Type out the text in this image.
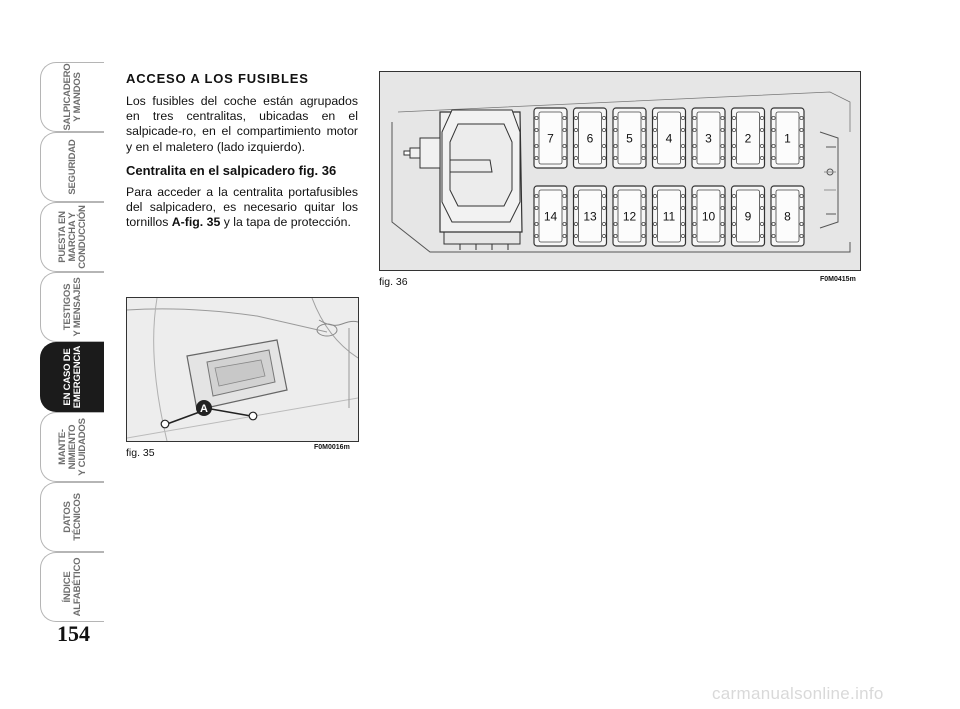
SALPICADERO
Y MANDOS
SEGURIDAD
PUESTA EN
MARCHA Y
CONDUCCIÓN
TESTIGOS
Y MENSAJES
EN CASO DE
EMERGENCIA
MANTE-
NIMIENTO
Y CUIDADOS
DATOS
TÉCNICOS
ÍNDICE
ALFABÉTICO
154
ACCESO A LOS FUSIBLES
Los fusibles del coche están agrupados en tres centralitas, ubicadas en el salpicade-ro, en el compartimiento motor y en el maletero (lado izquierdo).
Centralita en el salpicadero fig. 36
Para acceder a la centralita portafusibles del salpicadero, es necesario quitar los tornillos A-fig. 35 y la tapa de protección.
A
fig. 35	F0M0016m
7	6	5	4	3	2	1
14 13 12 11 10 9	8
fig. 36	F0M0415m
carmanualsonline.info
